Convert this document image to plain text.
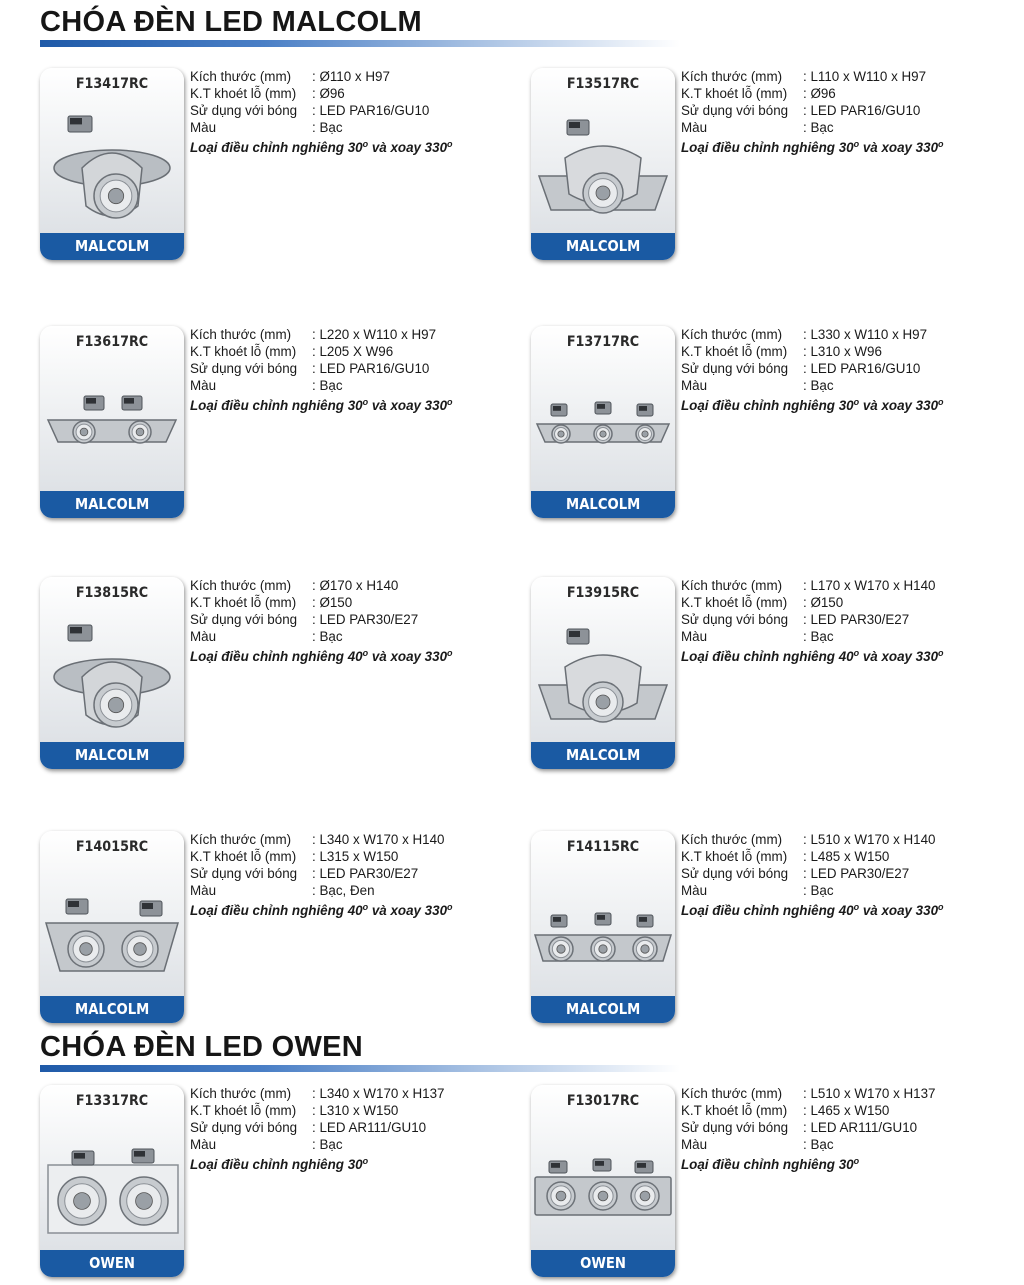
CHÓA ĐÈN LED MALCOLM
CHÓA ĐÈN LED OWEN
F13417RC
MALCOLM
Kích thước (mm)	: Ø110 x H97
K.T khoét lỗ (mm)	: Ø96
Sử dụng với bóng	: LED PAR16/GU10
Màu	: Bạc
Loại điều chỉnh nghiêng 30$^o$ và xoay 330$^o$
F13517RC
MALCOLM
Kích thước (mm)	: L110 x W110 x H97
K.T khoét lỗ (mm)	: Ø96
Sử dụng với bóng	: LED PAR16/GU10
Màu	: Bạc
Loại điều chỉnh nghiêng 30$^o$ và xoay 330$^o$
F13617RC
MALCOLM
Kích thước (mm)	: L220 x W110 x H97
K.T khoét lỗ (mm)	: L205 X W96
Sử dụng với bóng	: LED PAR16/GU10
Màu	: Bạc
Loại điều chỉnh nghiêng 30$^o$ và xoay 330$^o$
F13717RC
MALCOLM
Kích thước (mm)	: L330 x W110 x H97
K.T khoét lỗ (mm)	: L310 x W96
Sử dụng với bóng	: LED PAR16/GU10
Màu	: Bạc
Loại điều chỉnh nghiêng 30$^o$ và xoay 330$^o$
F13815RC
MALCOLM
Kích thước (mm)	: Ø170 x H140
K.T khoét lỗ (mm)	: Ø150
Sử dụng với bóng	: LED PAR30/E27
Màu	: Bạc
Loại điều chỉnh nghiêng 40$^o$ và xoay 330$^o$
F13915RC
MALCOLM
Kích thước (mm)	: L170 x W170 x H140
K.T khoét lỗ (mm)	: Ø150
Sử dụng với bóng	: LED PAR30/E27
Màu	: Bạc
Loại điều chỉnh nghiêng 40$^o$ và xoay 330$^o$
F14015RC
MALCOLM
Kích thước (mm)	: L340 x W170 x H140
K.T khoét lỗ (mm)	: L315 x W150
Sử dụng với bóng	: LED PAR30/E27
Màu	: Bạc, Đen
Loại điều chỉnh nghiêng 40$^o$ và xoay 330$^o$
F14115RC
MALCOLM
Kích thước (mm)	: L510 x W170 x H140
K.T khoét lỗ (mm)	: L485 x W150
Sử dụng với bóng	: LED PAR30/E27
Màu	: Bạc
Loại điều chỉnh nghiêng 40$^o$ và xoay 330$^o$
F13317RC
OWEN
Kích thước (mm)	: L340 x W170 x H137
K.T khoét lỗ (mm)	: L310 x W150
Sử dụng với bóng	: LED AR111/GU10
Màu	: Bạc
Loại điều chỉnh nghiêng 30$^o$
F13017RC
OWEN
Kích thước (mm)	: L510 x W170 x H137
K.T khoét lỗ (mm)	: L465 x W150
Sử dụng với bóng	: LED AR111/GU10
Màu	: Bạc
Loại điều chỉnh nghiêng 30$^o$
